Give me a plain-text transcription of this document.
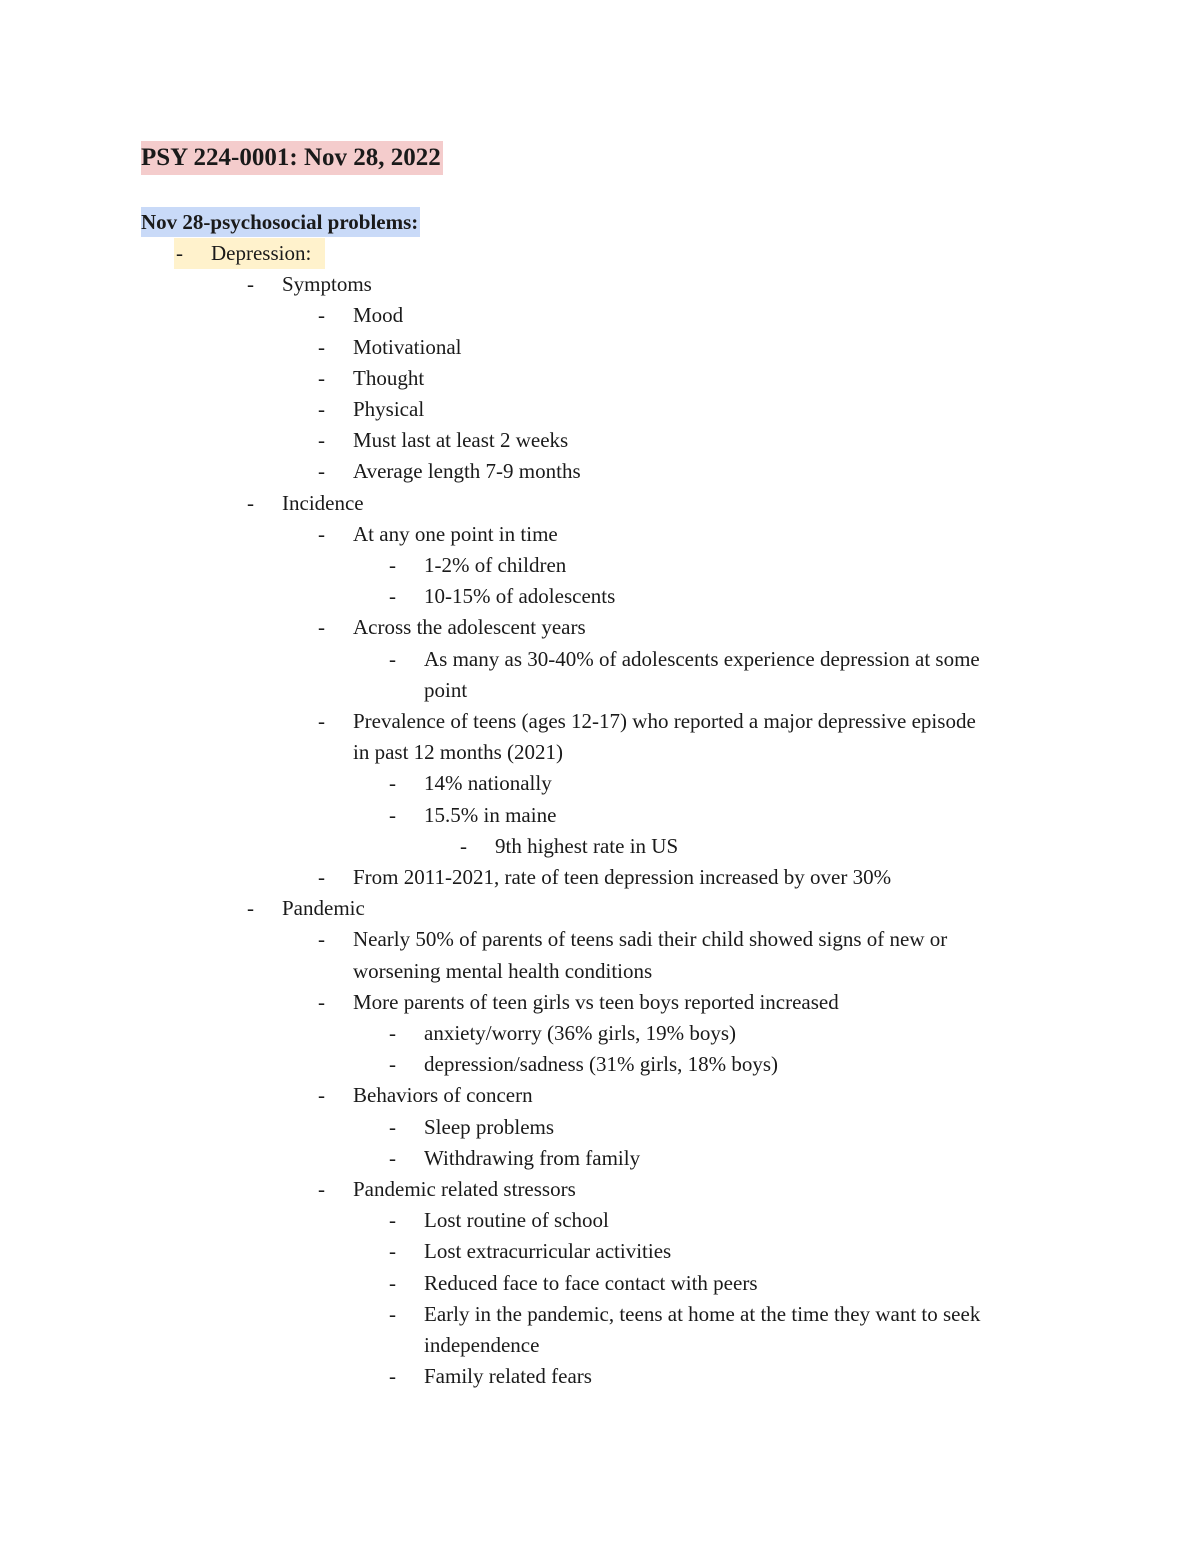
PSY 224-0001: Nov 28, 2022
Nov 28-psychosocial problems:
- Depression:
- Symptoms
- Mood
- Motivational
- Thought
- Physical
- Must last at least 2 weeks
- Average length 7-9 months
- Incidence
- At any one point in time
- 1-2% of children
- 10-15% of adolescents
- Across the adolescent years
- As many as 30-40% of adolescents experience depression at some
point
- Prevalence of teens (ages 12-17) who reported a major depressive episode
in past 12 months (2021)
- 14% nationally
- 15.5% in maine
- 9th highest rate in US
- From 2011-2021, rate of teen depression increased by over 30%
- Pandemic
- Nearly 50% of parents of teens sadi their child showed signs of new or
worsening mental health conditions
- More parents of teen girls vs teen boys reported increased
- anxiety/worry (36% girls, 19% boys)
- depression/sadness (31% girls, 18% boys)
- Behaviors of concern
- Sleep problems
- Withdrawing from family
- Pandemic related stressors
- Lost routine of school
- Lost extracurricular activities
- Reduced face to face contact with peers
- Early in the pandemic, teens at home at the time they want to seek
independence
- Family related fears
